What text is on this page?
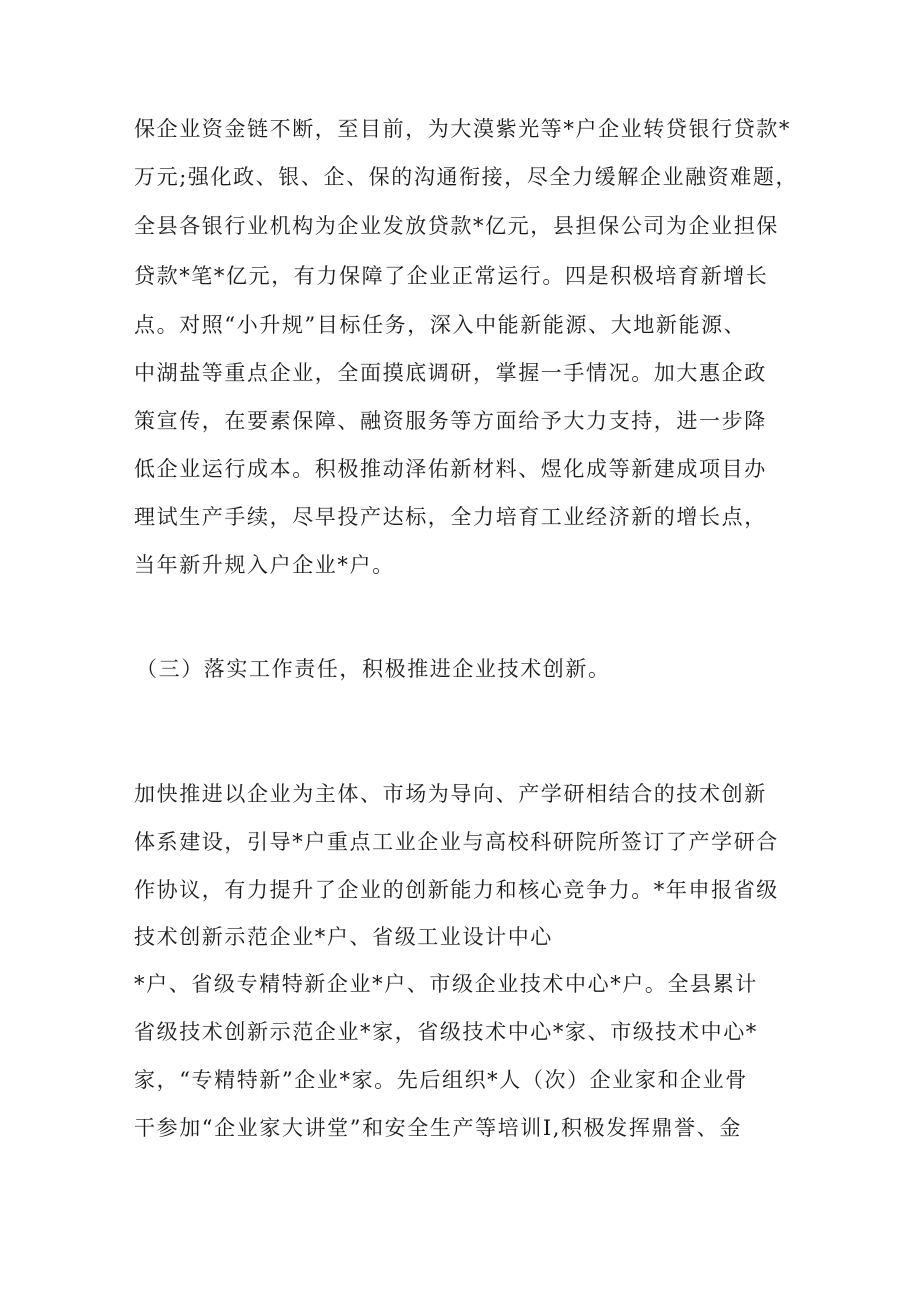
保企业资金链不断，至目前，为大漠紫光等*户企业转贷银行贷款*
万元;强化政、银、企、保的沟通衔接，尽全力缓解企业融资难题，
全县各银行业机构为企业发放贷款*亿元，县担保公司为企业担保
贷款*笔*亿元，有力保障了企业正常运行。四是积极培育新增长
点。对照“小升规”目标任务，深入中能新能源、大地新能源、
中湖盐等重点企业，全面摸底调研，掌握一手情况。加大惠企政
策宣传，在要素保障、融资服务等方面给予大力支持，进一步降
低企业运行成本。积极推动泽佑新材料、煜化成等新建成项目办
理试生产手续，尽早投产达标，全力培育工业经济新的增长点，
当年新升规入户企业*户。
（三）落实工作责任，积极推进企业技术创新。
加快推进以企业为主体、市场为导向、产学研相结合的技术创新
体系建设，引导*户重点工业企业与高校科研院所签订了产学研合
作协议，有力提升了企业的创新能力和核心竞争力。*年申报省级
技术创新示范企业*户、省级工业设计中心
*户、省级专精特新企业*户、市级企业技术中心*户。全县累计
省级技术创新示范企业*家，省级技术中心*家、市级技术中心*
家，“专精特新”企业*家。先后组织*人（次）企业家和企业骨
干参加“企业家大讲堂”和安全生产等培训I,积极发挥鼎誉、金
